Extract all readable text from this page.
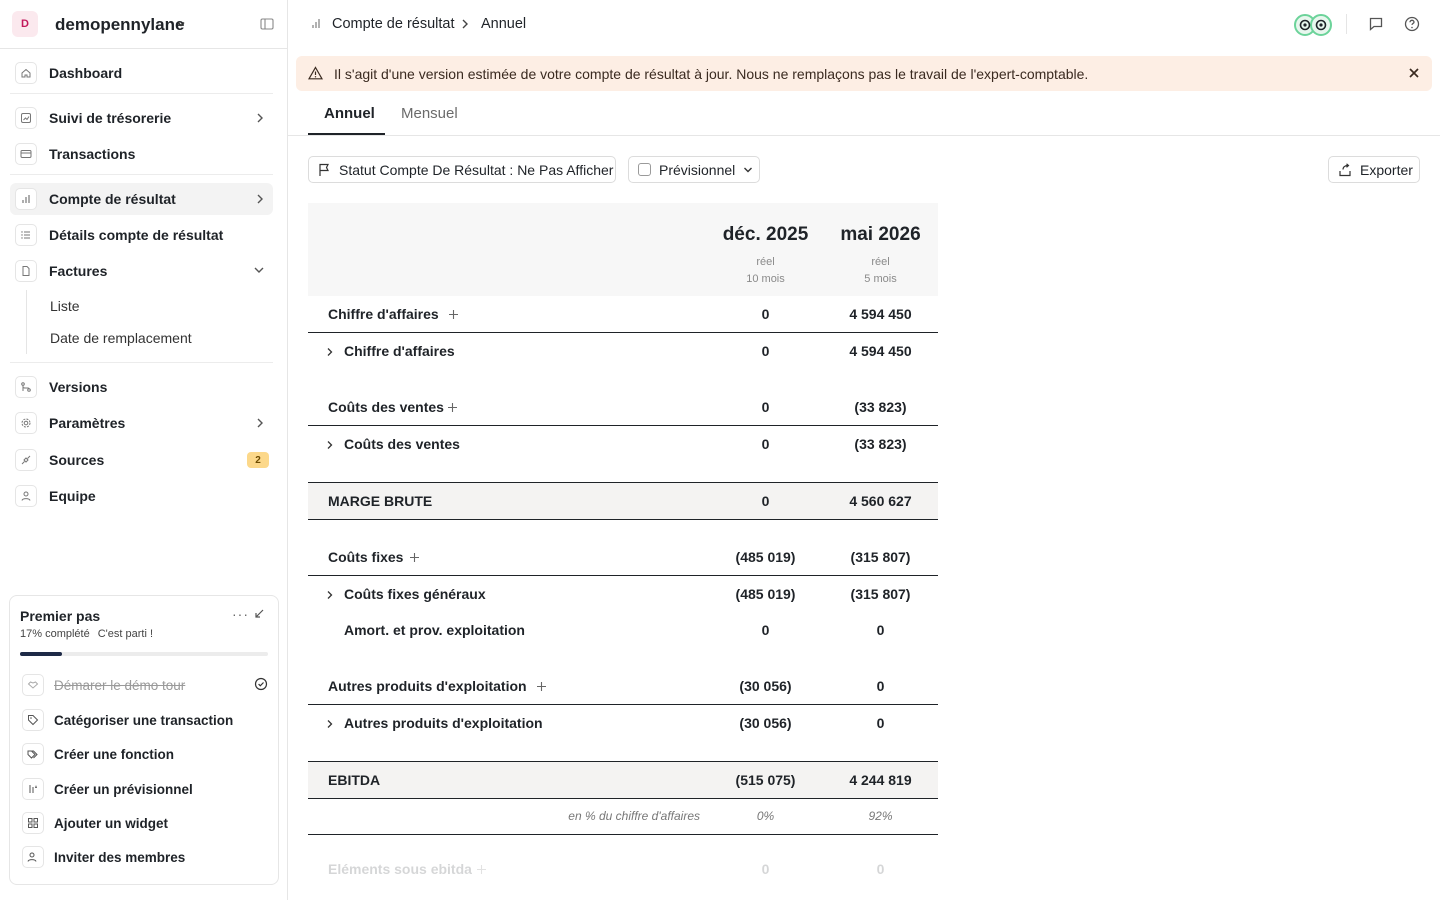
D	demopennylane
Dashboard
Suivi de trésorerie
Transactions
Compte de résultat
Détails compte de résultat
Factures
Liste
Date de remplacement
Versions
Paramètres
Sources	2
Equipe
Premier pas	···
17% complété C'est parti !
Démarer le démo tour
Catégoriser une transaction
Créer une fonction
Créer un prévisionnel
Ajouter un widget
Inviter des membres
Compte de résultat Annuel
Il s'agit d'une version estimée de votre compte de résultat à jour. Nous ne remplaçons pas le travail de l'expert-comptable.
Annuel Mensuel
Statut Compte De Résultat : Ne Pas Afficher	Prévisionnel	Exporter
déc. 2025	mai 2026
réel	réel
10 mois	5 mois
Chiffre d'affaires	0	4 594 450
Chiffre d'affaires	0	4 594 450
Coûts des ventes	0	(33 823)
Coûts des ventes	0	(33 823)
MARGE BRUTE	0	4 560 627
Coûts fixes	(485 019)	(315 807)
Coûts fixes généraux	(485 019)	(315 807)
Amort. et prov. exploitation	0	0
Autres produits d'exploitation	(30 056)	0
Autres produits d'exploitation	(30 056)	0
EBITDA	(515 075)	4 244 819
en % du chiffre d'affaires	0%	92%
Eléments sous ebitda	0	0
